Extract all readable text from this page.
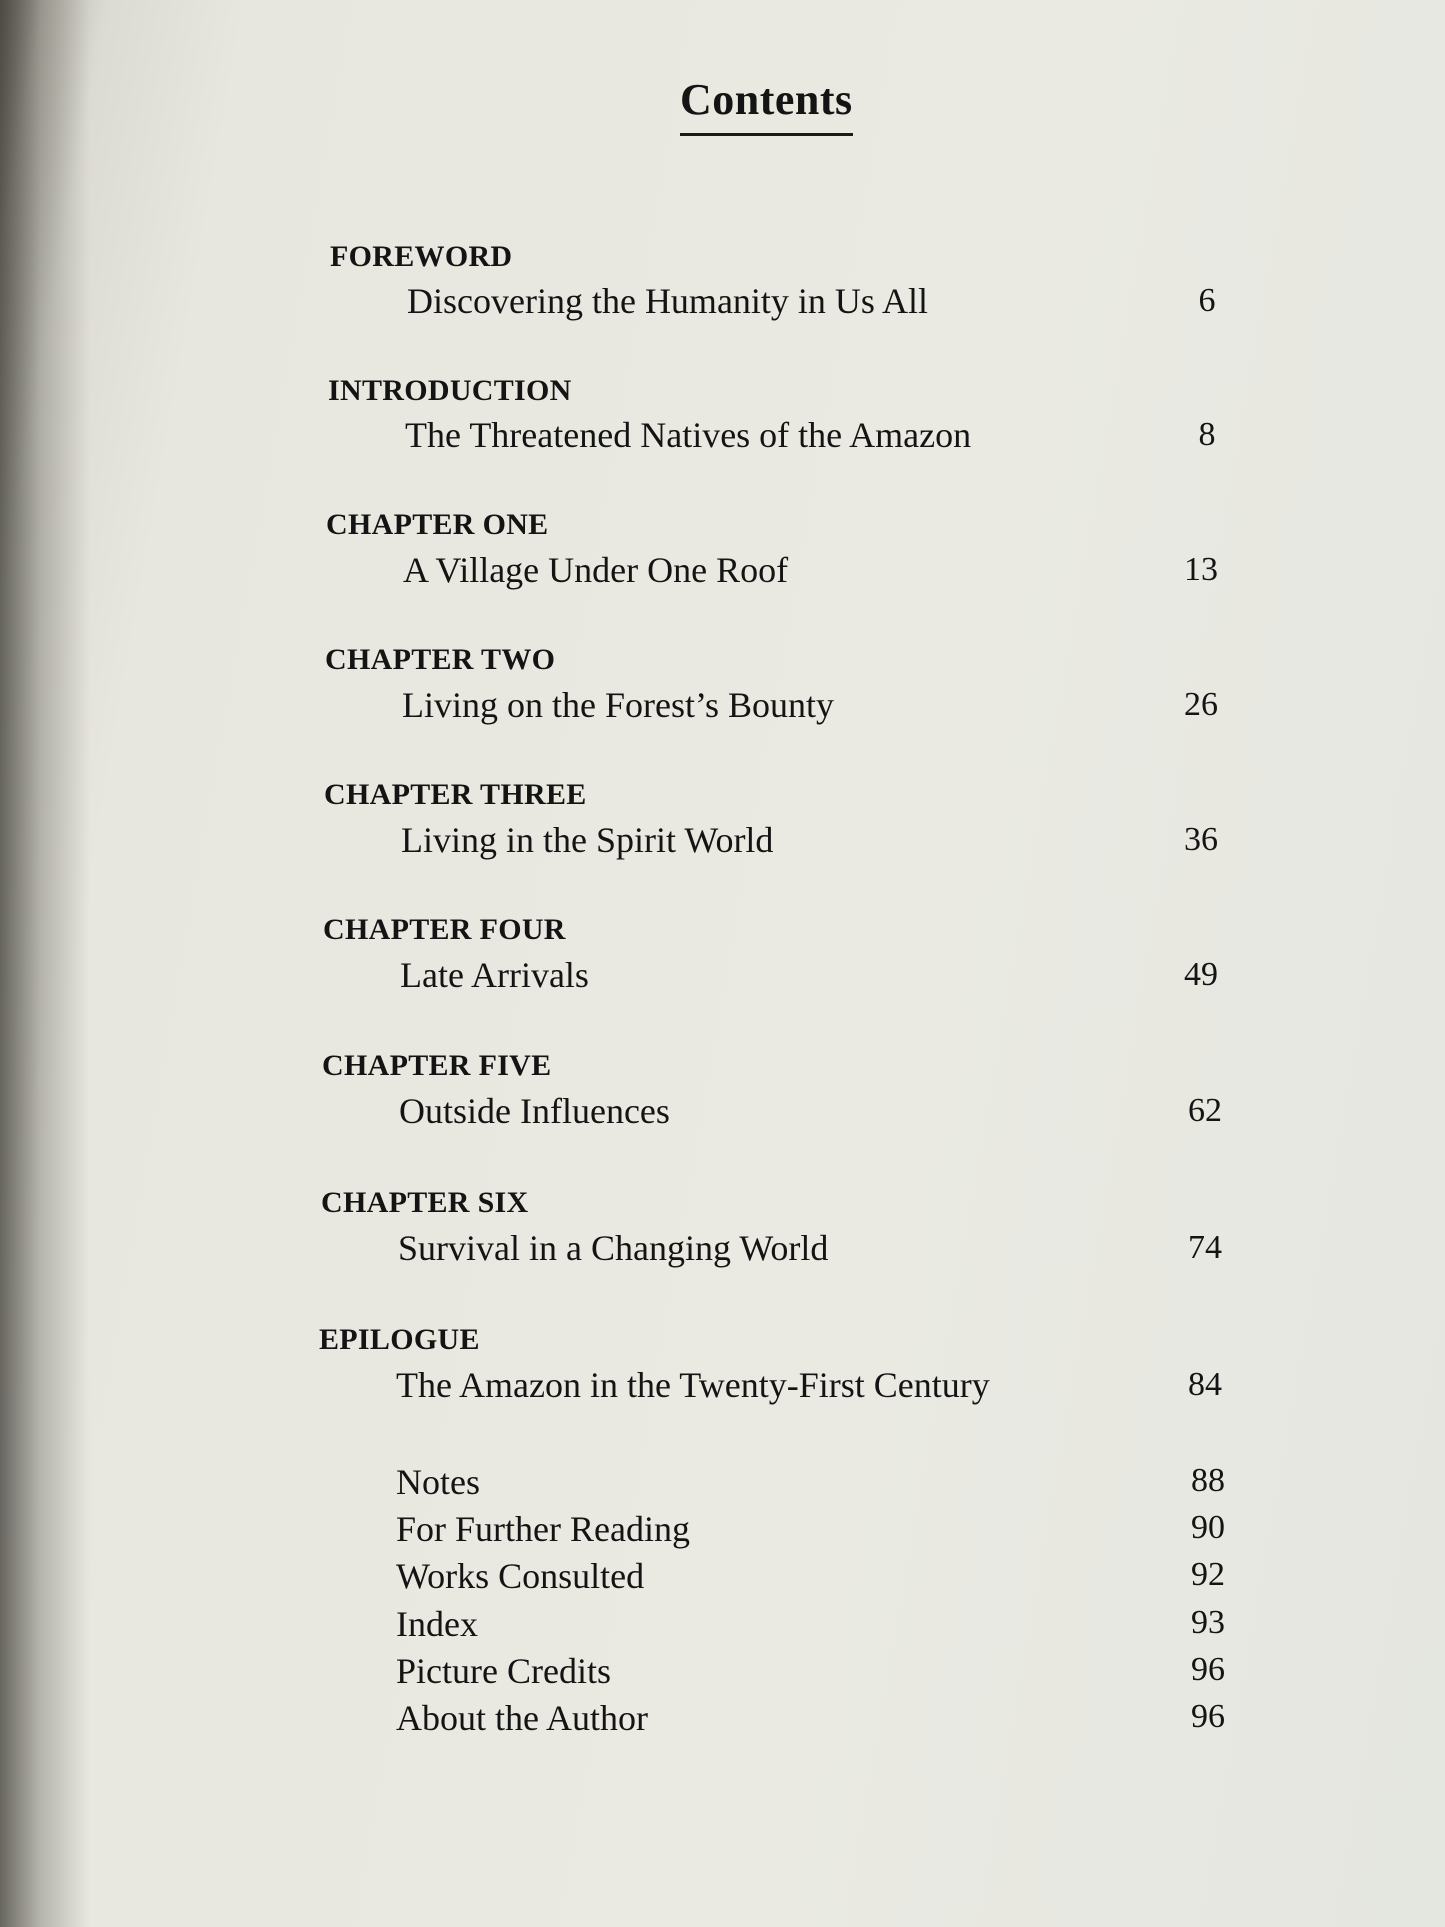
Contents
FOREWORD
Discovering the Humanity in Us All	6
INTRODUCTION
The Threatened Natives of the Amazon	8
CHAPTER ONE
A Village Under One Roof	13
CHAPTER TWO
Living on the Forest’s Bounty	26
CHAPTER THREE
Living in the Spirit World	36
CHAPTER FOUR
Late Arrivals	49
CHAPTER FIVE
Outside Influences	62
CHAPTER SIX
Survival in a Changing World	74
EPILOGUE
The Amazon in the Twenty-First Century	84
Notes	88
For Further Reading	90
Works Consulted	92
Index	93
Picture Credits	96
About the Author	96
